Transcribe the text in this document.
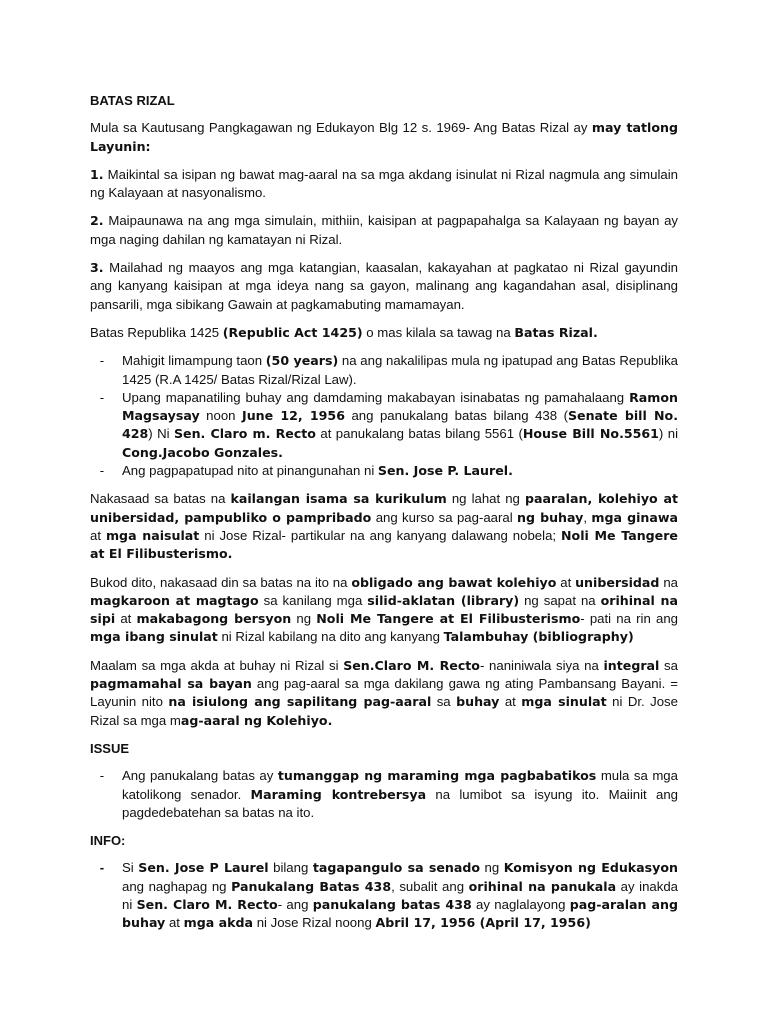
BATAS RIZAL

Mula sa Kautusang Pangkagawan ng Edukayon Blg 12 s. 1969- Ang Batas Rizal ay may tatlong Layunin:

1. Maikintal sa isipan ng bawat mag-aaral na sa mga akdang isinulat ni Rizal nagmula ang simulain ng Kalayaan at nasyonalismo.

2. Maipaunawa na ang mga simulain, mithiin, kaisipan at pagpapahalga sa Kalayaan ng bayan ay mga naging dahilan ng kamatayan ni Rizal.

3. Mailahad ng maayos ang mga katangian, kaasalan, kakayahan at pagkatao ni Rizal gayundin ang kanyang kaisipan at mga ideya nang sa gayon, malinang ang kagandahan asal, disiplinang pansarili, mga sibikang Gawain at pagkamabuting mamamayan.

Batas Republika 1425 (Republic Act 1425) o mas kilala sa tawag na Batas Rizal.

-	Mahigit limampung taon (50 years) na ang nakalilipas mula ng ipatupad ang Batas Republika 1425 (R.A 1425/ Batas Rizal/Rizal Law).
-	Upang mapanatiling buhay ang damdaming makabayan isinabatas ng pamahalaang Ramon Magsaysay noon June 12, 1956 ang panukalang batas bilang 438 (Senate bill No. 428) Ni Sen. Claro m. Recto at panukalang batas bilang 5561 (House Bill No.5561) ni Cong.Jacobo Gonzales.
-	Ang pagpapatupad nito at pinangunahan ni Sen. Jose P. Laurel.

Nakasaad sa batas na kailangan isama sa kurikulum ng lahat ng paaralan, kolehiyo at unibersidad, pampubliko o pampribado ang kurso sa pag-aaral ng buhay, mga ginawa at mga naisulat ni Jose Rizal- partikular na ang kanyang dalawang nobela; Noli Me Tangere at El Filibusterismo.

Bukod dito, nakasaad din sa batas na ito na obligado ang bawat kolehiyo at unibersidad na magkaroon at magtago sa kanilang mga silid-aklatan (library) ng sapat na orihinal na sipi at makabagong bersyon ng Noli Me Tangere at El Filibusterismo- pati na rin ang mga ibang sinulat ni Rizal kabilang na dito ang kanyang Talambuhay (bibliography)

Maalam sa mga akda at buhay ni Rizal si Sen.Claro M. Recto- naniniwala siya na integral sa pagmamahal sa bayan ang pag-aaral sa mga dakilang gawa ng ating Pambansang Bayani. = Layunin nito na isiulong ang sapilitang pag-aaral sa buhay at mga sinulat ni Dr. Jose Rizal sa mga mag-aaral ng Kolehiyo.

ISSUE

-	Ang panukalang batas ay tumanggap ng maraming mga pagbabatikos mula sa mga katolikong senador. Maraming kontrebersya na lumibot sa isyung ito. Maiinit ang pagdedebatehan sa batas na ito.

INFO:

-	Si Sen. Jose P Laurel bilang tagapangulo sa senado ng Komisyon ng Edukasyon ang naghapag ng Panukalang Batas 438, subalit ang orihinal na panukala ay inakda ni Sen. Claro M. Recto- ang panukalang batas 438 ay naglalayong pag-aralan ang buhay at mga akda ni Jose Rizal noong Abril 17, 1956 (April 17, 1956)
